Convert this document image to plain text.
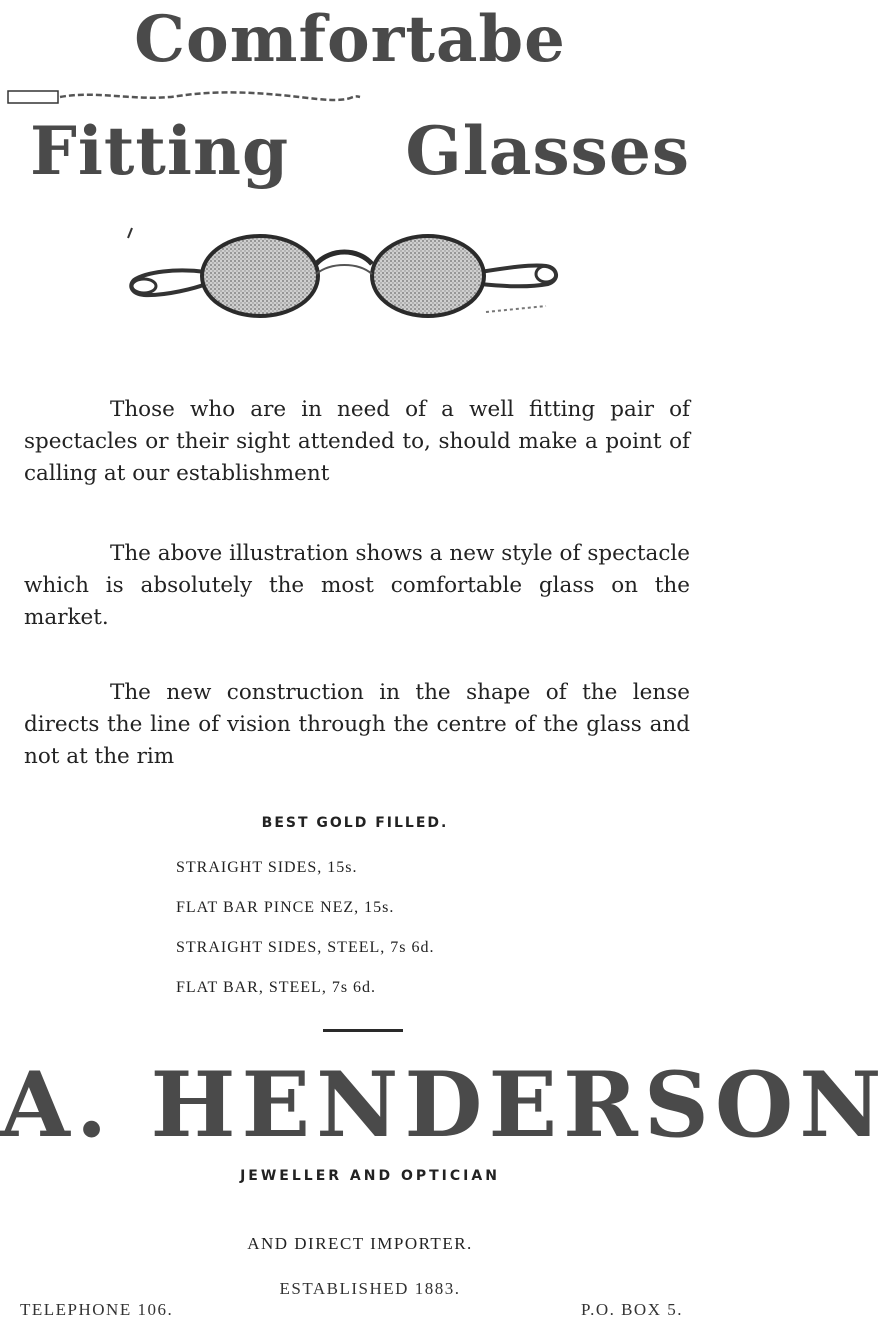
Comfortabe
Fitting Glasses
Those who are in need of a well fitting pair of spectacles or their sight attended to, should make a point of calling at our establishment
The above illustration shows a new style of spectacle which is absolutely the most comfortable glass on the market.
The new construction in the shape of the lense directs the line of vision through the centre of the glass and not at the rim
BEST GOLD FILLED.
STRAIGHT SIDES, 15s.
FLAT BAR PINCE NEZ, 15s.
STRAIGHT SIDES, STEEL, 7s 6d.
FLAT BAR, STEEL, 7s 6d.
A. HENDERSON
JEWELLER AND OPTICIAN
AND DIRECT IMPORTER.
ESTABLISHED 1883.
TELEPHONE 106.	P.O. BOX 5.
